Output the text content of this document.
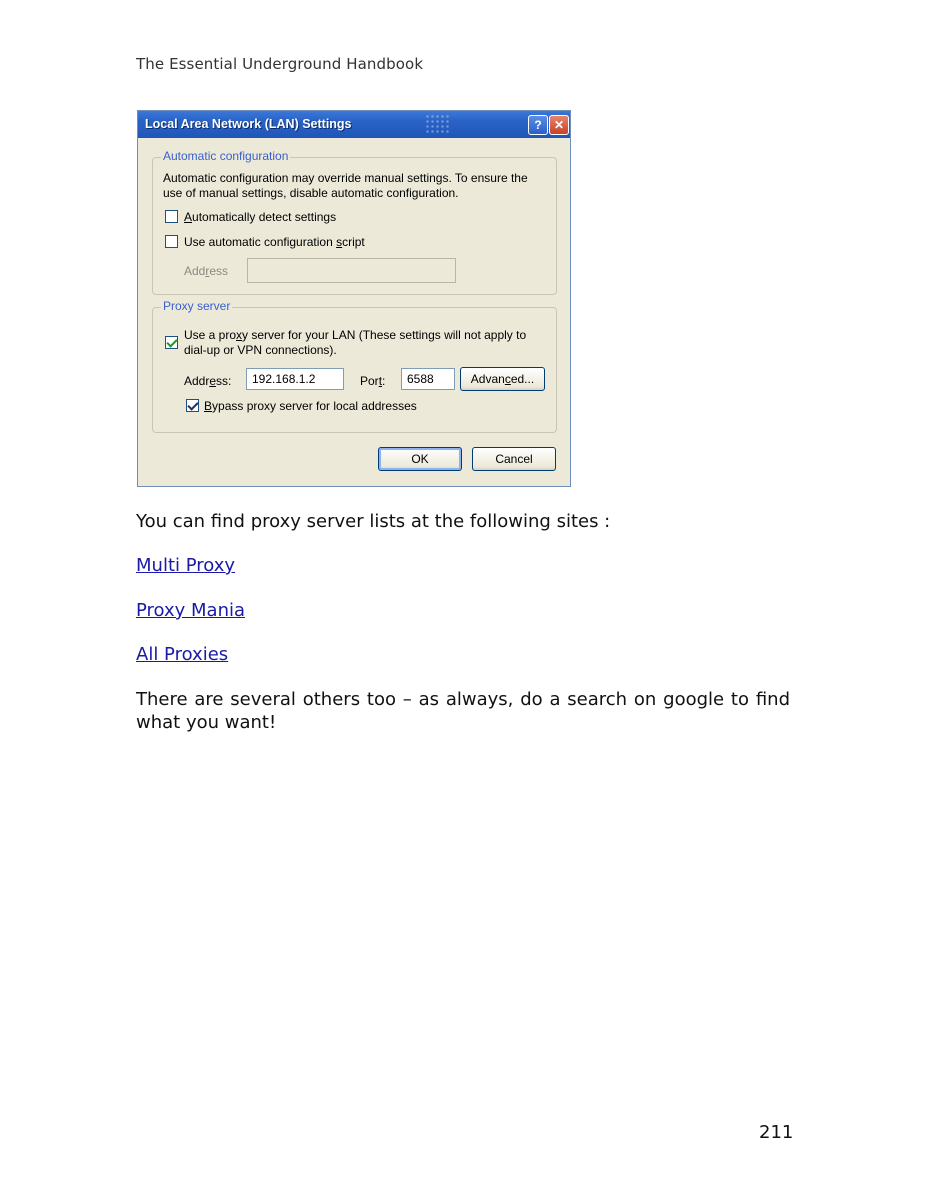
The Essential Underground Handbook
Local Area Network (LAN) Settings	?	✕
Automatic configuration
Automatic configuration may override manual settings. To ensure the
use of manual settings, disable automatic configuration.
Automatically detect settings
Use automatic configuration script
Address
Proxy server
Use a proxy server for your LAN (These settings will not apply to
dial-up or VPN connections).
Address:	192.168.1.2	Port:	6588	Advanced...
Bypass proxy server for local addresses
OK	Cancel
You can find proxy server lists at the following sites :
Multi Proxy
Proxy Mania
All Proxies
There are several others too – as always, do a search on google to find what you want!
211
